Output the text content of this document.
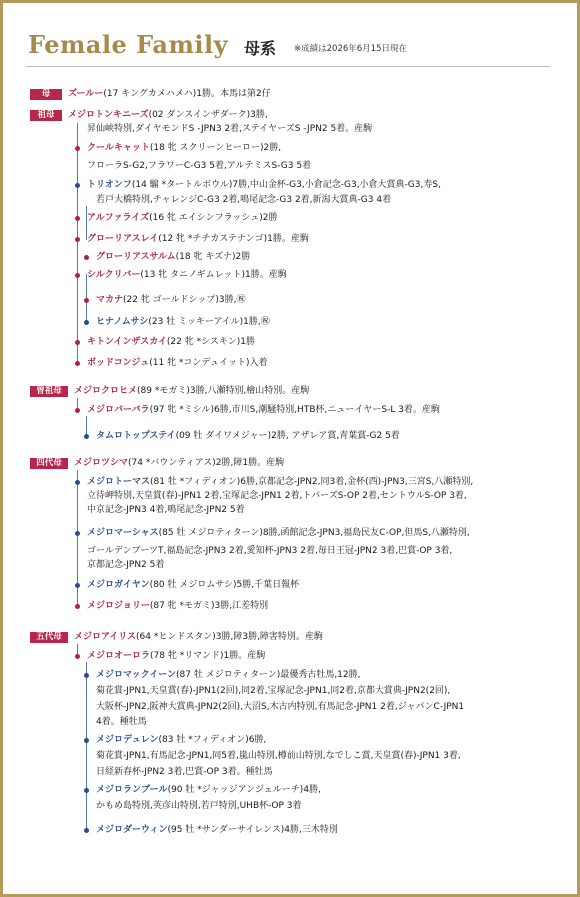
Female Family 母系 ※成績は2026年6月15日現在
母
祖母
曽祖母
四代母
五代母
ズールー(17 キングカメハメハ)1勝。本馬は第2仔
メジロトンキニーズ(02 ダンスインザダーク)3勝,
昇仙峡特別,ダイヤモンドS -JPN3 2着,ステイヤーズS -JPN2 5着。産駒
クールキャット(18 牝 スクリーンヒーロー)2勝,
フローラS-G2,フラワーC-G3 5着,アルテミスS-G3 5着
トリオンフ(14 騸 *タートルボウル)7勝,中山金杯-G3,小倉記念-G3,小倉大賞典-G3,寿S,
若戸大橋特別,チャレンジC-G3 2着,鳴尾記念-G3 2着,新潟大賞典-G3 4着
アルファライズ(16 牝 エイシンフラッシュ)2勝
グローリアスレイ(12 牝 *チチカステナンゴ)1勝。産駒
グローリアスサルム(18 牝 キズナ)2勝
シルクリバー(13 牝 タニノギムレット)1勝。産駒
マカナ(22 牝 ゴールドシップ)3勝,㊗
ヒナノムサシ(23 牡 ミッキーアイル)1勝,㊗
キトンインザスカイ(22 牝 *シスキン)1勝
ボッドコンジュ(11 牝 *コンデュイット)入着
メジロクロヒメ(89 *モガミ)3勝,八瀬特別,檜山特別。産駒
メジロバーバラ(97 牝 *ミシル)6勝,市川S,潮騒特別,HTB杯,ニューイヤーS-L 3着。産駒
タムロトップステイ(09 牡 ダイワメジャー)2勝, アザレア賞,青葉賞-G2 5着
メジロツシマ(74 *バウンティアス)2勝,障1勝。産駒
メジロトーマス(81 牡 *フィディオン)6勝,京都記念-JPN2,同3着,金杯(西)-JPN3,三宮S,八瀬特別,
立待岬特別,天皇賞(春)-JPN1 2着,宝塚記念-JPN1 2着,トパーズS-OP 2着,セントウルS-OP 3着,
中京記念-JPN3 4着,鳴尾記念-JPN2 5着
メジロマーシャス(85 牡 メジロティターン)8勝,函館記念-JPN3,福島民友C-OP,但馬S,八瀬特別,
ゴールデンブーツT,福島記念-JPN3 2着,愛知杯-JPN3 2着,毎日王冠-JPN2 3着,巴賞-OP 3着,
京都記念-JPN2 5着
メジロガイヤン(80 牡 メジロムサシ)5勝,千葉日報杯
メジロジョリー(87 牝 *モガミ)3勝,江差特別
メジロアイリス(64 *ヒンドスタン)3勝,障3勝,障害特別。産駒
メジロオーロラ(78 牝 *リマンド)1勝。産駒
メジロマックイーン(87 牡 メジロティターン)最優秀古牡馬,12勝,
菊花賞-JPN1,天皇賞(春)-JPN1(2回),同2着,宝塚記念-JPN1,同2着,京都大賞典-JPN2(2回),
大阪杯-JPN2,阪神大賞典-JPN2(2回),大沼S,木古内特別,有馬記念-JPN1 2着,ジャパンC-JPN1
4着。種牡馬
メジロデュレン(83 牡 *フィディオン)6勝,
菊花賞-JPN1,有馬記念-JPN1,同5着,嵐山特別,樽前山特別,なでしこ賞,天皇賞(春)-JPN1 3着,
日経新春杯-JPN2 3着,巴賞-OP 3着。種牡馬
メジロランブール(90 牡 *ジャッジアンジェルーチ)4勝,
かもめ島特別,英彦山特別,若戸特別,UHB杯-OP 3着
メジロダーウィン(95 牡 *サンダーサイレンス)4勝,三木特別
